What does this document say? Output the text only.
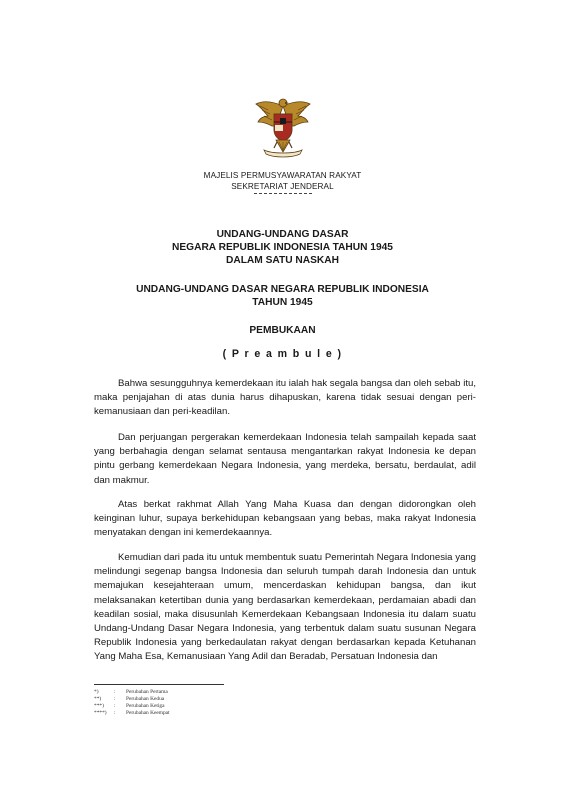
MAJELIS PERMUSYAWARATAN RAKYAT
SEKRETARIAT JENDERAL
UNDANG-UNDANG DASAR
NEGARA REPUBLIK INDONESIA TAHUN 1945
DALAM SATU NASKAH
UNDANG-UNDANG DASAR NEGARA REPUBLIK INDONESIA
TAHUN 1945
PEMBUKAAN
( P r e a m b u l e )

Bahwa sesungguhnya kemerdekaan itu ialah hak segala bangsa dan oleh sebab itu, maka penjajahan di atas dunia harus dihapuskan, karena tidak sesuai dengan peri-kemanusiaan dan peri-keadilan.

Dan perjuangan pergerakan kemerdekaan Indonesia telah sampailah kepada saat yang berbahagia dengan selamat sentausa mengantarkan rakyat Indonesia ke depan pintu gerbang kemerdekaan Negara Indonesia, yang merdeka, bersatu, berdaulat, adil dan makmur.

Atas berkat rakhmat Allah Yang Maha Kuasa dan dengan didorongkan oleh keinginan luhur, supaya berkehidupan kebangsaan yang bebas, maka rakyat Indonesia menyatakan dengan ini kemerdekaannya.

Kemudian dari pada itu untuk membentuk suatu Pemerintah Negara Indonesia yang melindungi segenap bangsa Indonesia dan seluruh tumpah darah Indonesia dan untuk memajukan kesejahteraan umum, mencerdaskan kehidupan bangsa, dan ikut melaksanakan ketertiban dunia yang berdasarkan kemerdekaan, perdamaian abadi dan keadilan sosial, maka disusunlah Kemerdekaan Kebangsaan Indonesia itu dalam suatu Undang-Undang Dasar Negara Indonesia, yang terbentuk dalam suatu susunan Negara Republik Indonesia yang berkedaulatan rakyat dengan berdasarkan kepada Ketuhanan Yang Maha Esa, Kemanusiaan Yang Adil dan Beradab, Persatuan Indonesia dan

*)	:	Perubahan Pertama
**)	:	Perubahan Kedua
***)	:	Perubahan Ketiga
****)	:	Perubahan Keempat
